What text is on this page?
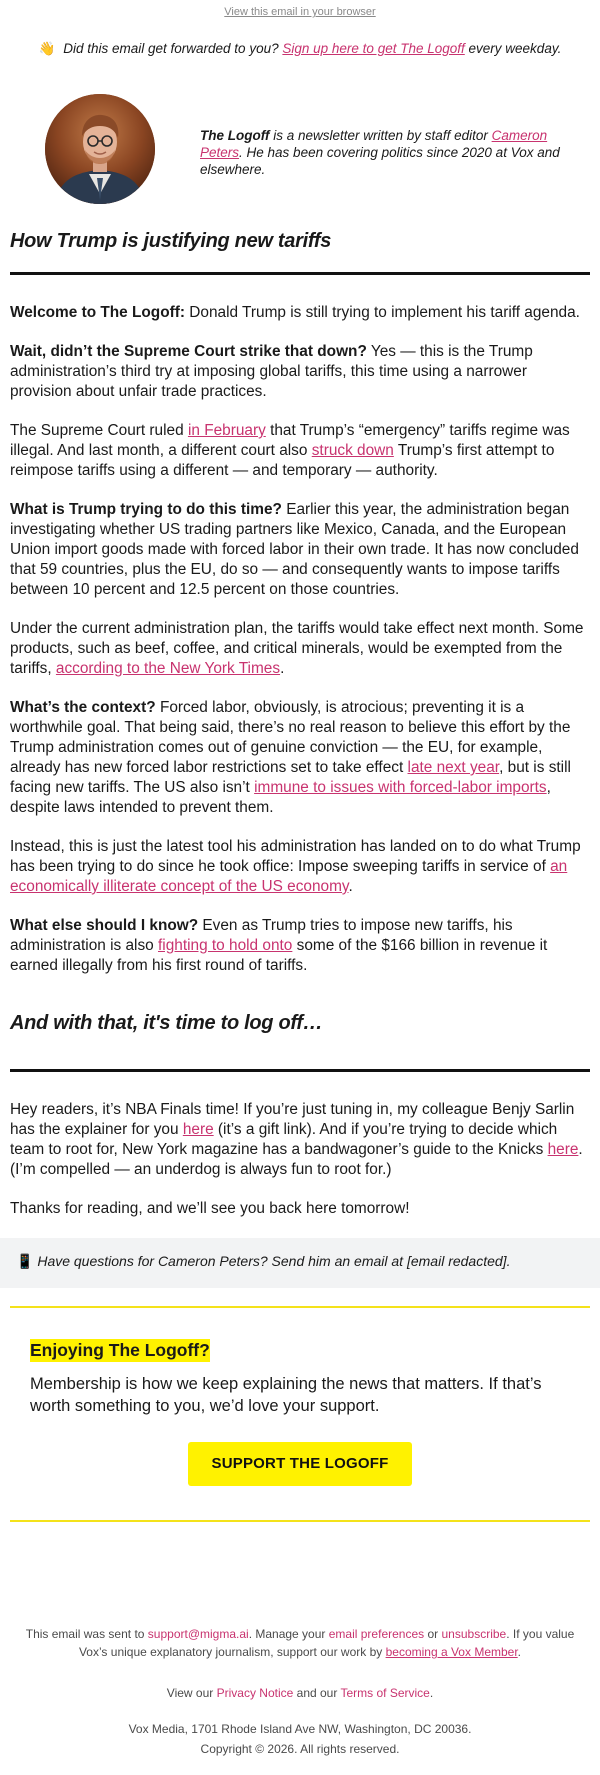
View this email in your browser
👋 Did this email get forwarded to you? Sign up here to get The Logoff every weekday.
The Logoff is a newsletter written by staff editor Cameron Peters. He has been covering politics since 2020 at Vox and elsewhere.
How Trump is justifying new tariffs

Welcome to The Logoff: Donald Trump is still trying to implement his tariff agenda.

Wait, didn’t the Supreme Court strike that down? Yes — this is the Trump administration’s third try at imposing global tariffs, this time using a narrower provision about unfair trade practices.

The Supreme Court ruled in February that Trump’s “emergency” tariffs regime was illegal. And last month, a different court also struck down Trump’s first attempt to reimpose tariffs using a different — and temporary — authority.

What is Trump trying to do this time? Earlier this year, the administration began investigating whether US trading partners like Mexico, Canada, and the European Union import goods made with forced labor in their own trade. It has now concluded that 59 countries, plus the EU, do so — and consequently wants to impose tariffs between 10 percent and 12.5 percent on those countries.

Under the current administration plan, the tariffs would take effect next month. Some products, such as beef, coffee, and critical minerals, would be exempted from the tariffs, according to the New York Times.

What’s the context? Forced labor, obviously, is atrocious; preventing it is a worthwhile goal. That being said, there’s no real reason to believe this effort by the Trump administration comes out of genuine conviction — the EU, for example, already has new forced labor restrictions set to take effect late next year, but is still facing new tariffs. The US also isn’t immune to issues with forced-labor imports, despite laws intended to prevent them.

Instead, this is just the latest tool his administration has landed on to do what Trump has been trying to do since he took office: Impose sweeping tariffs in service of an economically illiterate concept of the US economy.

What else should I know? Even as Trump tries to impose new tariffs, his administration is also fighting to hold onto some of the $166 billion in revenue it earned illegally from his first round of tariffs.

And with that, it's time to log off…

Hey readers, it’s NBA Finals time! If you’re just tuning in, my colleague Benjy Sarlin has the explainer for you here (it’s a gift link). And if you’re trying to decide which team to root for, New York magazine has a bandwagoner’s guide to the Knicks here. (I’m compelled — an underdog is always fun to root for.)

Thanks for reading, and we’ll see you back here tomorrow!

📱 Have questions for Cameron Peters? Send him an email at [email redacted].
Enjoying The Logoff?
Membership is how we keep explaining the news that matters. If that’s worth something to you, we’d love your support.
SUPPORT THE LOGOFF
This email was sent to support@migma.ai. Manage your email preferences or unsubscribe. If you value Vox’s unique explanatory journalism, support our work by becoming a Vox Member.
View our Privacy Notice and our Terms of Service.
Vox Media, 1701 Rhode Island Ave NW, Washington, DC 20036.
Copyright © 2026. All rights reserved.
